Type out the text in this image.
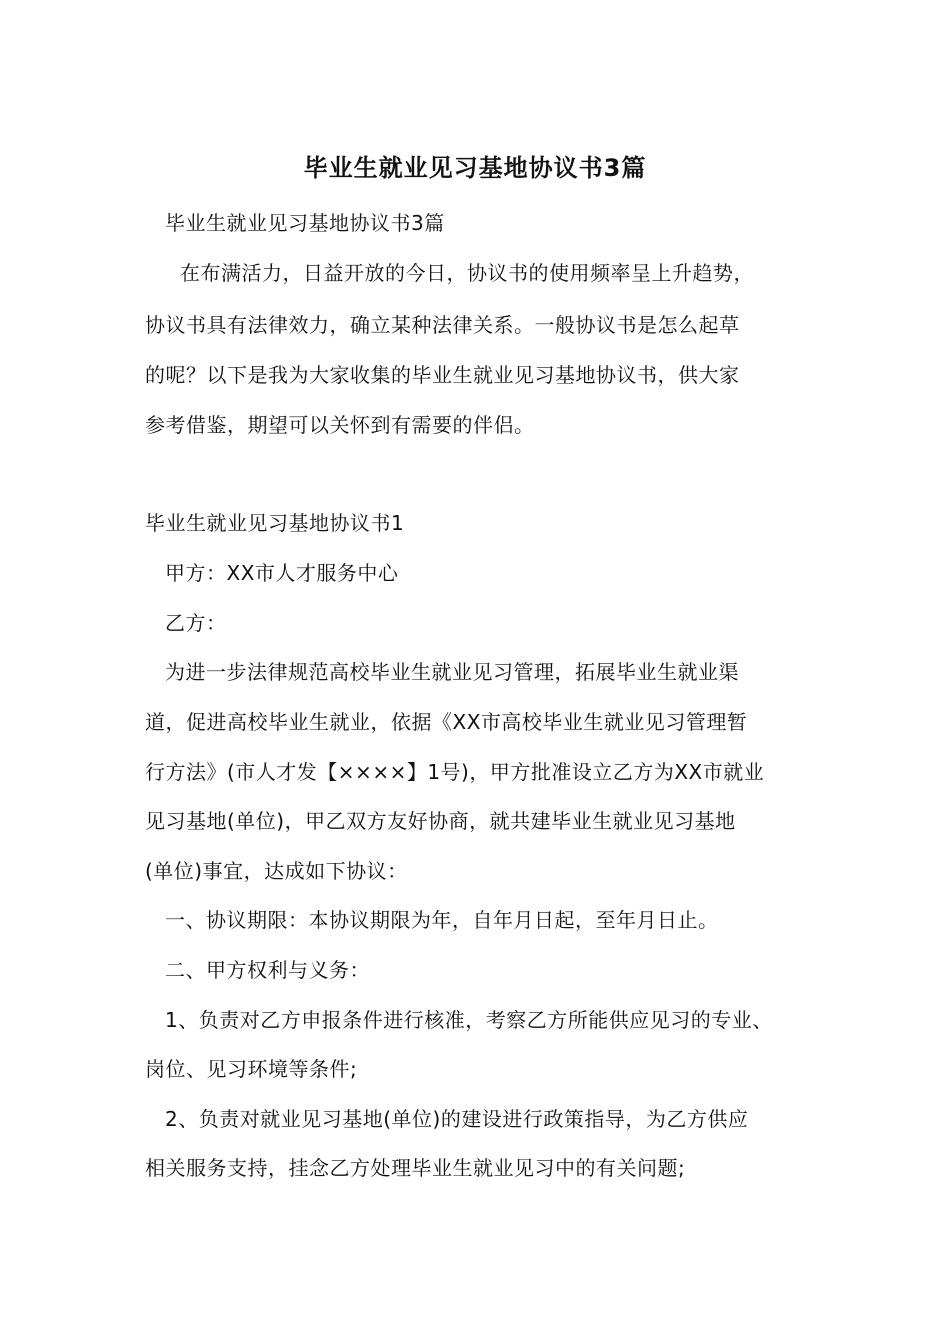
毕业生就业见习基地协议书3篇
毕业生就业见习基地协议书3篇
在布满活力，日益开放的今日，协议书的使用频率呈上升趋势，
协议书具有法律效力，确立某种法律关系。一般协议书是怎么起草
的呢？以下是我为大家收集的毕业生就业见习基地协议书，供大家
参考借鉴，期望可以关怀到有需要的伴侣。
毕业生就业见习基地协议书1
甲方：XX市人才服务中心
乙方：
为进一步法律规范高校毕业生就业见习管理，拓展毕业生就业渠
道，促进高校毕业生就业，依据《XX市高校毕业生就业见习管理暂
行方法》(市人才发【××××】1号)，甲方批准设立乙方为XX市就业
见习基地(单位)，甲乙双方友好协商，就共建毕业生就业见习基地
(单位)事宜，达成如下协议：
一、协议期限：本协议期限为年，自年月日起，至年月日止。
二、甲方权利与义务：
1、负责对乙方申报条件进行核准，考察乙方所能供应见习的专业、
岗位、见习环境等条件;
2、负责对就业见习基地(单位)的建设进行政策指导，为乙方供应
相关服务支持，挂念乙方处理毕业生就业见习中的有关问题;
